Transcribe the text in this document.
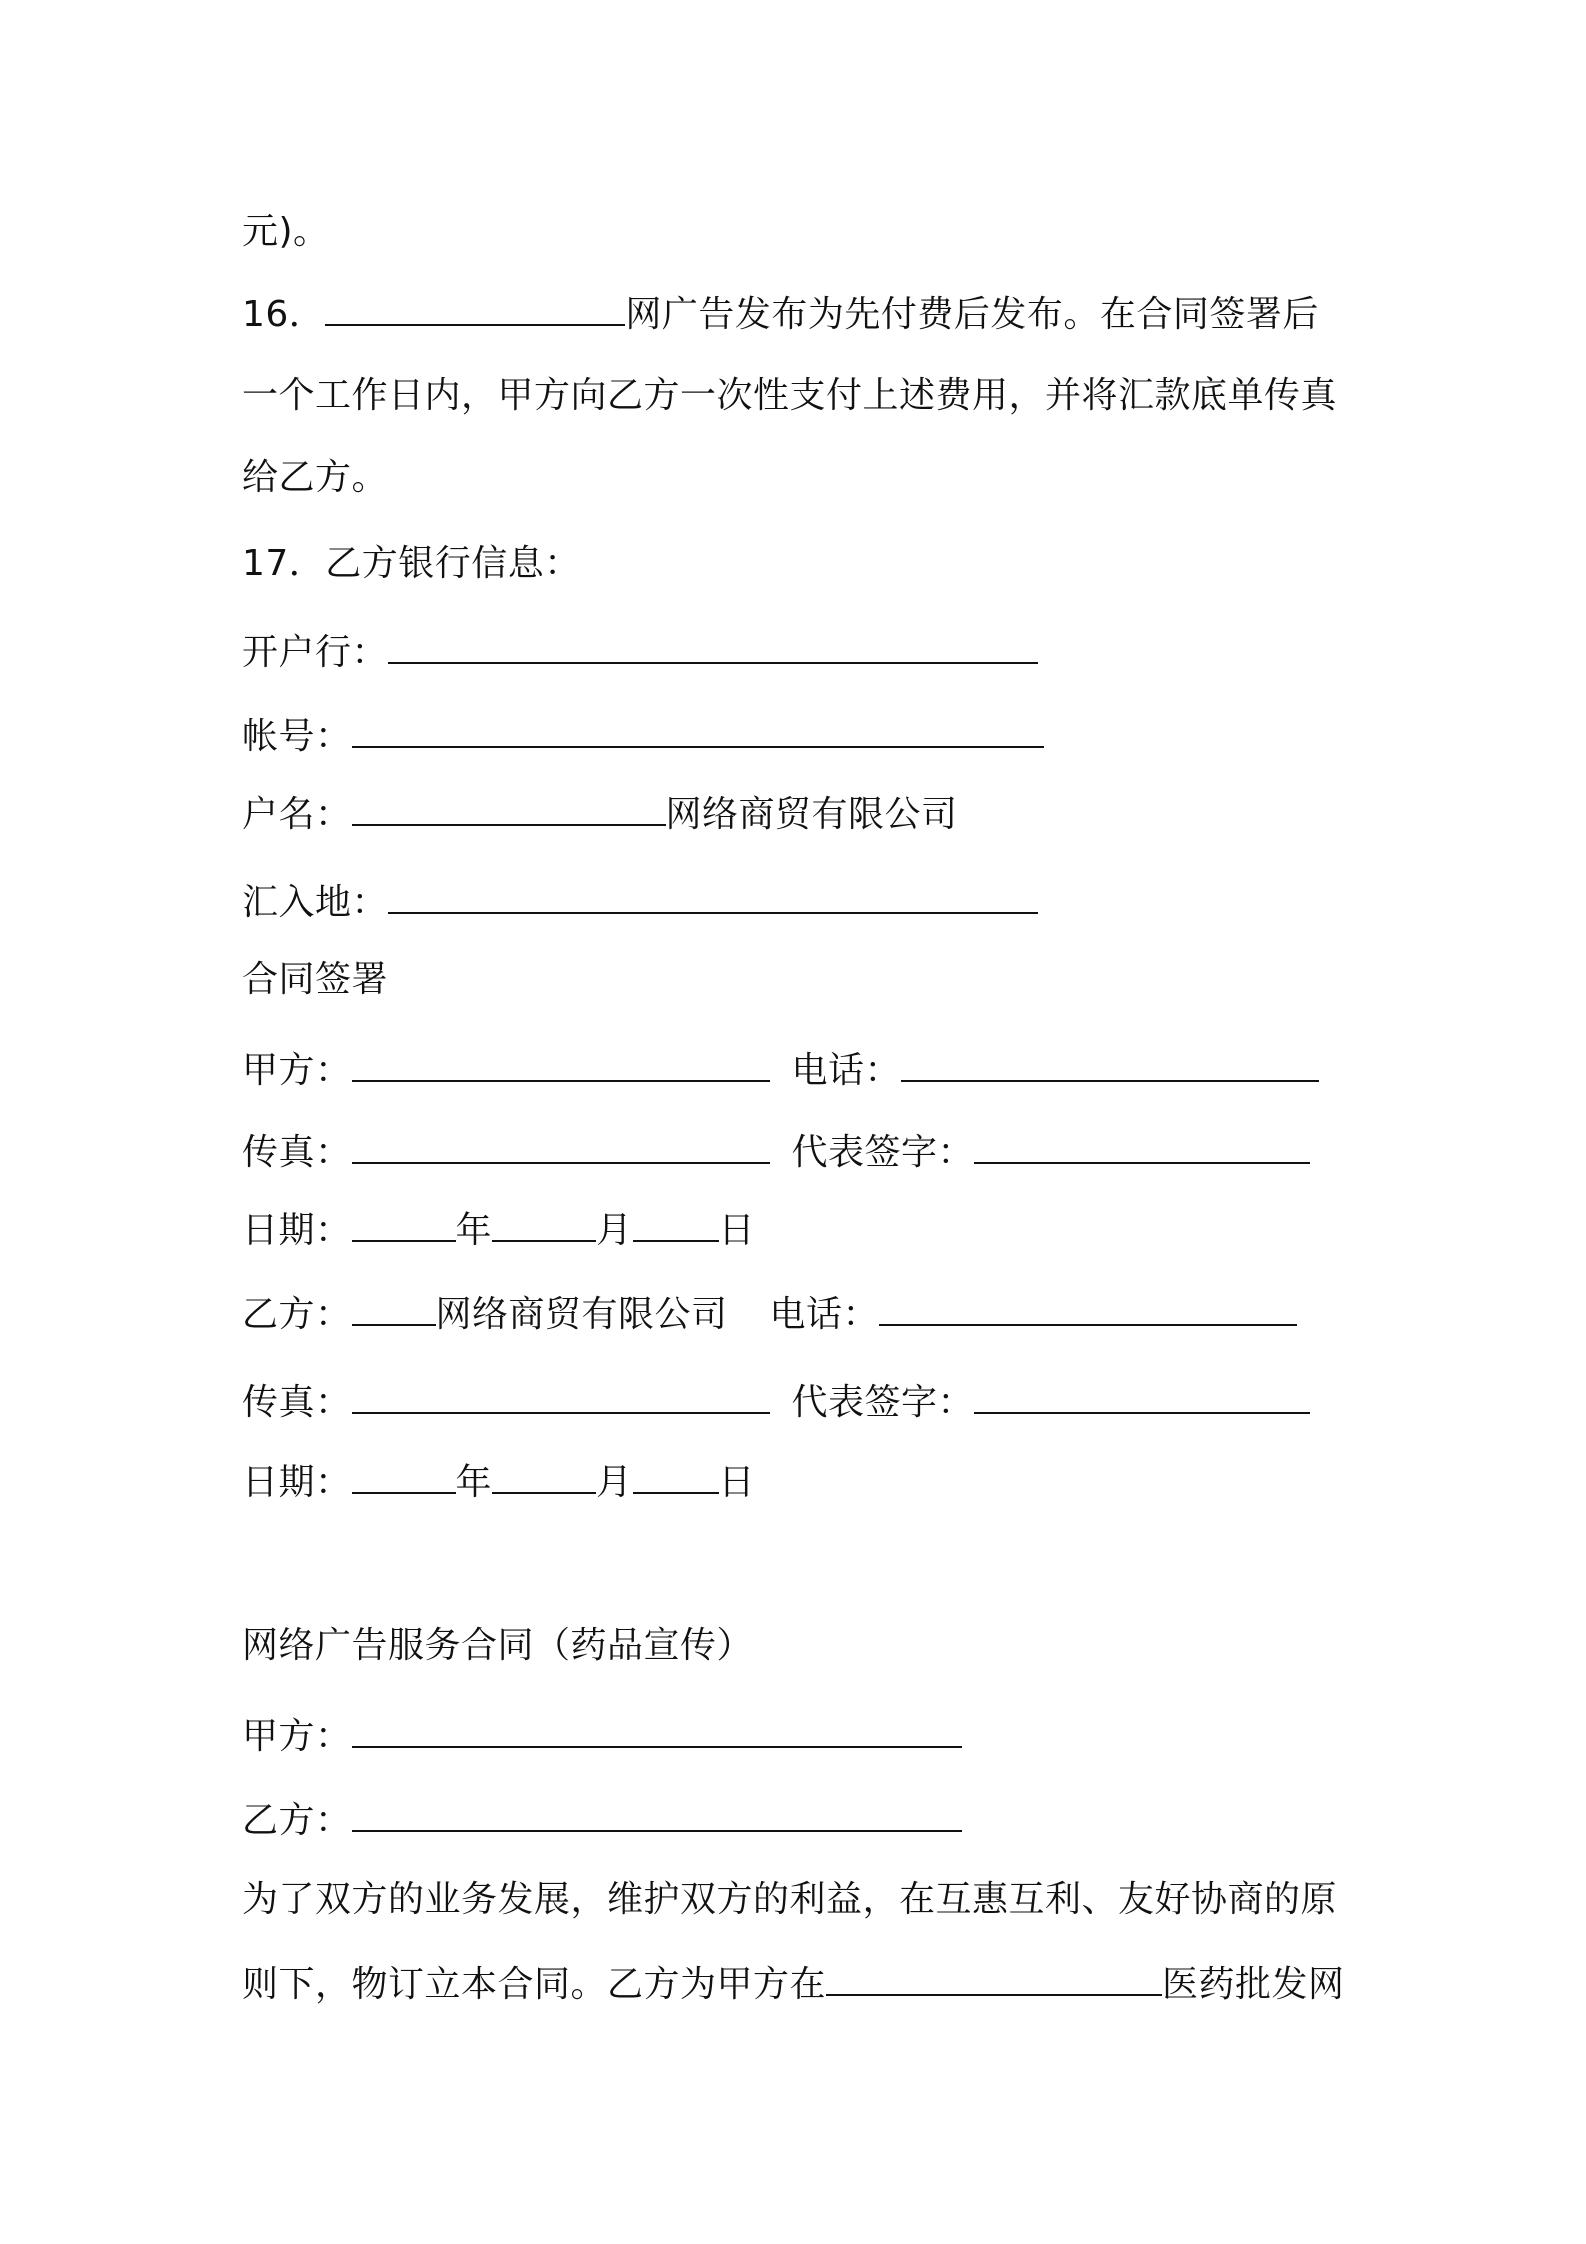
元)。
16．	网广告发布为先付费后发布。在合同签署后
一个工作日内，甲方向乙方一次性支付上述费用，并将汇款底单传真
给乙方。
17．乙方银行信息：
开户行：
帐号：
户名：	网络商贸有限公司
汇入地：
合同签署
甲方：	电话：
传真：	代表签字：
日期：	年	月 日
乙方： 网络商贸有限公司 电话：
传真：	代表签字：
日期：	年	月 日
网络广告服务合同（药品宣传）
甲方：
乙方：
为了双方的业务发展，维护双方的利益，在互惠互利、友好协商的原
则下，物订立本合同。乙方为甲方在	医药批发网
